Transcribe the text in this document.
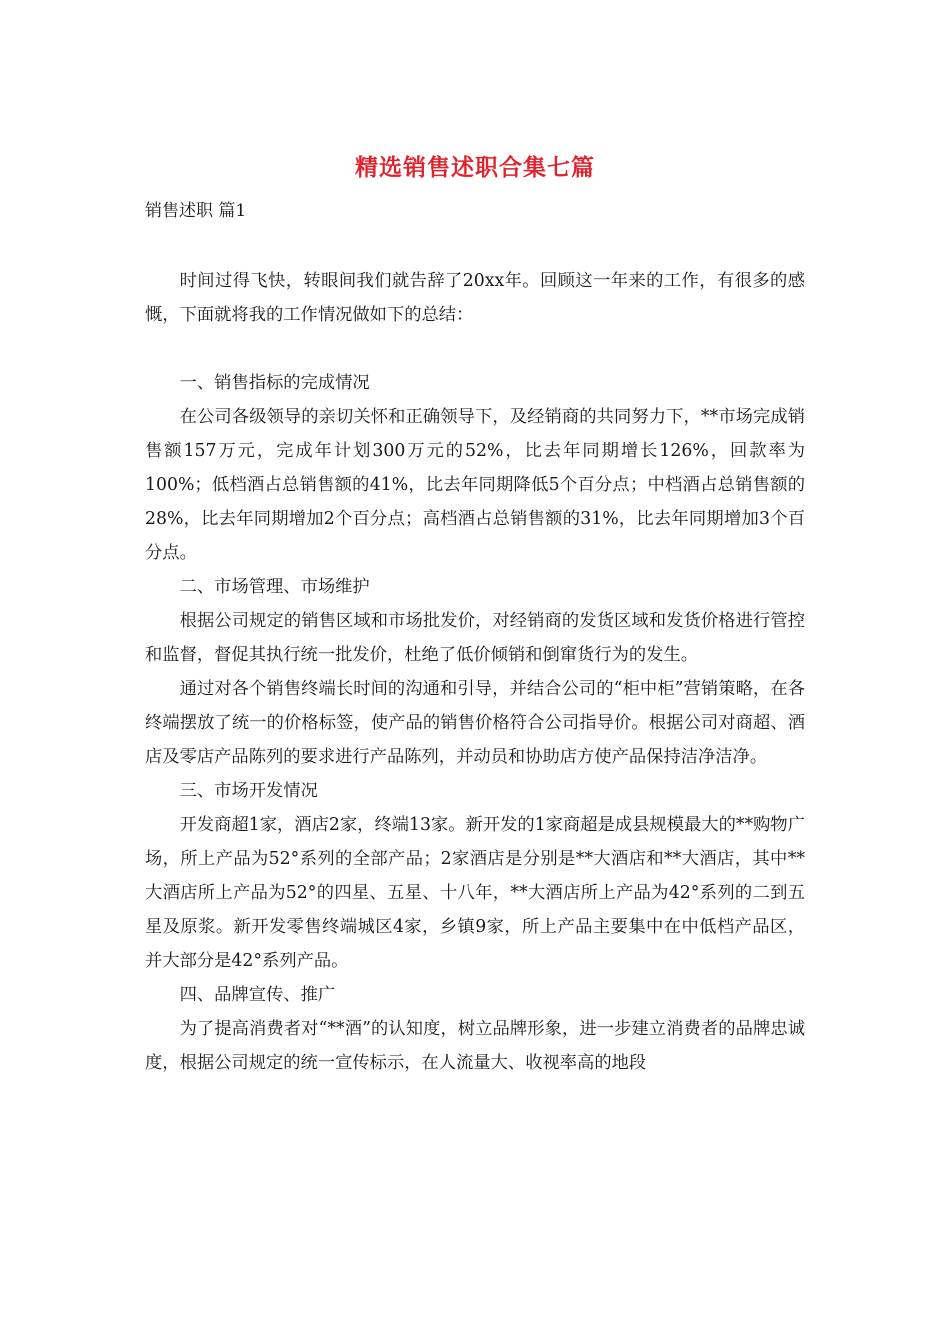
精选销售述职合集七篇
销售述职 篇1

时间过得飞快，转眼间我们就告辞了20xx年。回顾这一年来的工作，有很多的感慨，下面就将我的工作情况做如下的总结：

一、销售指标的完成情况

在公司各级领导的亲切关怀和正确领导下，及经销商的共同努力下，**市场完成销售额157万元，完成年计划300万元的52%，比去年同期增长126%，回款率为100%；低档酒占总销售额的41%，比去年同期降低5个百分点；中档酒占总销售额的28%，比去年同期增加2个百分点；高档酒占总销售额的31%，比去年同期增加3个百分点。

二、市场管理、市场维护

根据公司规定的销售区域和市场批发价，对经销商的发货区域和发货价格进行管控和监督，督促其执行统一批发价，杜绝了低价倾销和倒窜货行为的发生。

通过对各个销售终端长时间的沟通和引导，并结合公司的“柜中柜”营销策略，在各终端摆放了统一的价格标签，使产品的销售价格符合公司指导价。根据公司对商超、酒店及零店产品陈列的要求进行产品陈列，并动员和协助店方使产品保持洁净洁净。

三、市场开发情况

开发商超1家，酒店2家，终端13家。新开发的1家商超是成县规模最大的**购物广场，所上产品为52°系列的全部产品；2家酒店是分别是**大酒店和**大酒店，其中**大酒店所上产品为52°的四星、五星、十八年，**大酒店所上产品为42°系列的二到五星及原浆。新开发零售终端城区4家，乡镇9家，所上产品主要集中在中低档产品区，并大部分是42°系列产品。

四、品牌宣传、推广

为了提高消费者对“**酒”的认知度，树立品牌形象，进一步建立消费者的品牌忠诚度，根据公司规定的统一宣传标示，在人流量大、收视率高的地段
